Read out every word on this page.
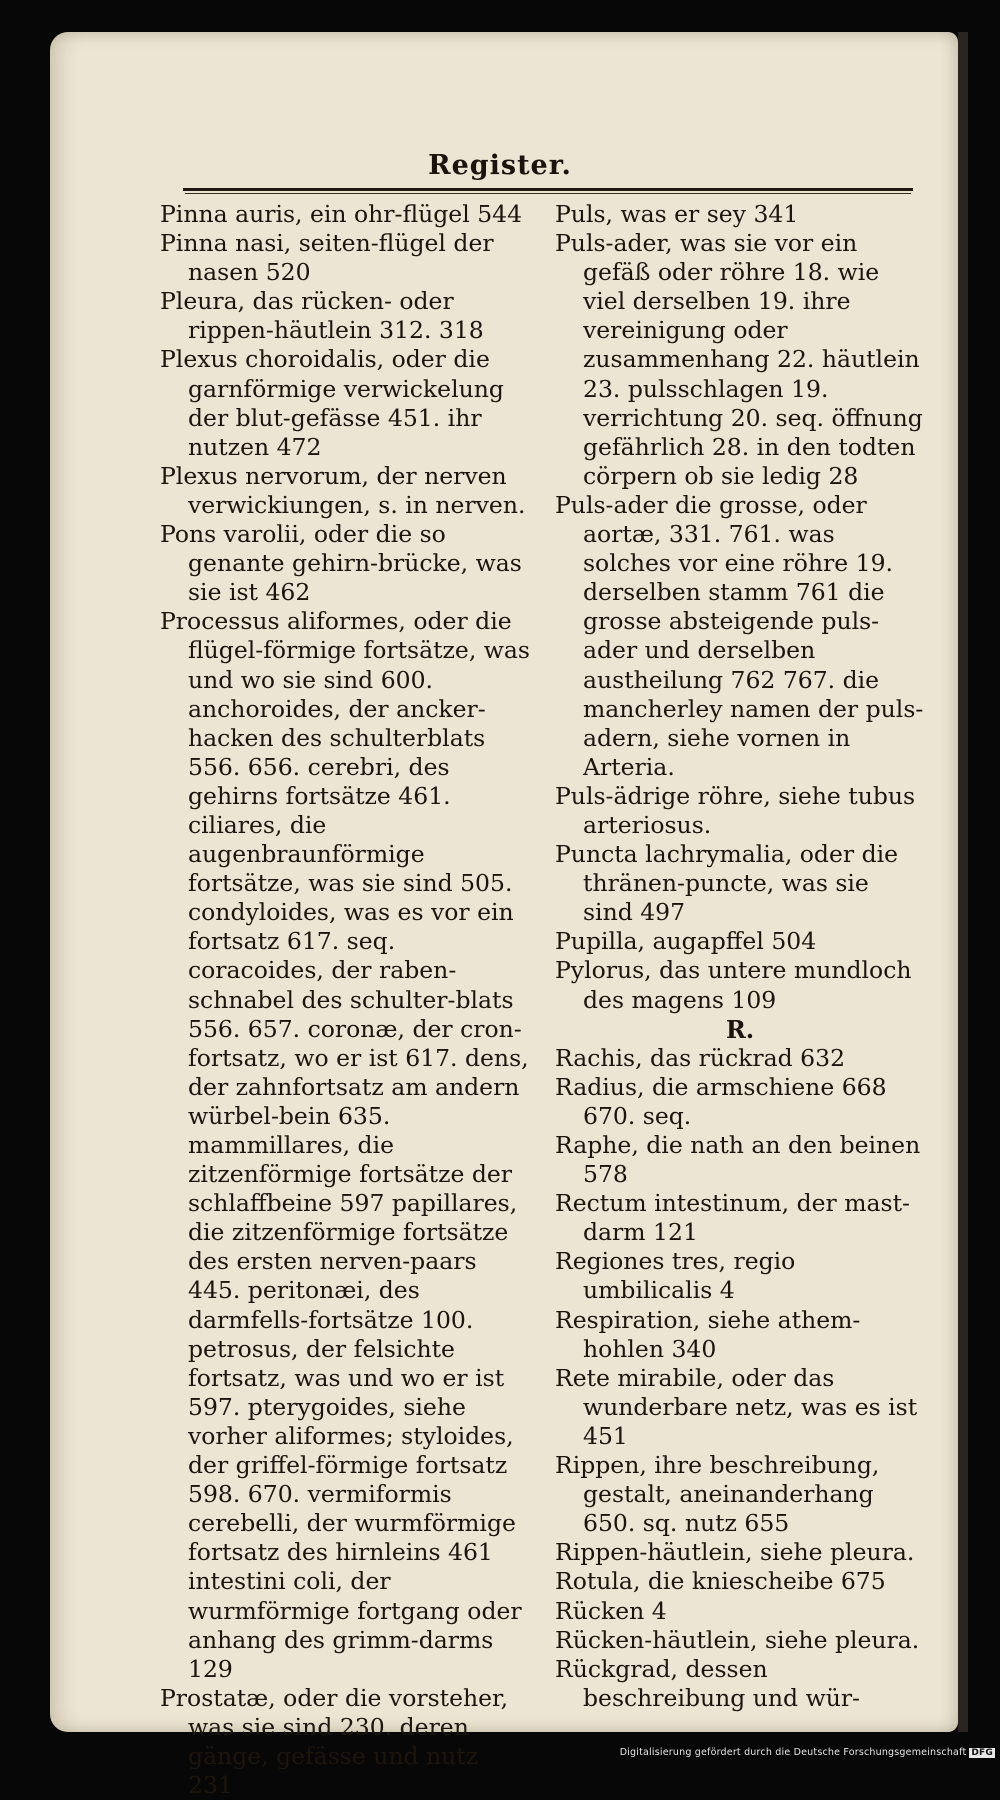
Register.

Pinna auris, ein ohr-flügel 544

Pinna nasi, seiten-flügel der nasen 520

Pleura, das rücken- oder rippen-häutlein 312. 318

Plexus choroidalis, oder die garnförmige verwickelung der blut-gefässe 451. ihr nutzen 472

Plexus nervorum, der nerven verwickiungen, s. in nerven.

Pons varolii, oder die so genante gehirn-brücke, was sie ist 462

Processus aliformes, oder die flügel-förmige fortsätze, was und wo sie sind 600. anchoroides, der ancker-hacken des schulterblats 556. 656. cerebri, des gehirns fortsätze 461. ciliares, die augenbraunförmige fortsätze, was sie sind 505. condyloides, was es vor ein fortsatz 617. seq. coracoides, der raben-schnabel des schulter-blats 556. 657. coronæ, der cron-fortsatz, wo er ist 617. dens, der zahnfortsatz am andern würbel-bein 635. mammillares, die zitzenförmige fortsätze der schlaffbeine 597 papillares, die zitzenförmige fortsätze des ersten nerven-paars 445. peritonæi, des darmfells-fortsätze 100. petrosus, der felsichte fortsatz, was und wo er ist 597. pterygoides, siehe vorher aliformes; styloides, der griffel-förmige fortsatz 598. 670. vermiformis cerebelli, der wurmförmige fortsatz des hirnleins 461 intestini coli, der wurmförmige fortgang oder anhang des grimm-darms 129

Prostatæ, oder die vorsteher, was sie sind 230. deren gänge, gefässe und nutz 231

Puls, was er sey 341

Puls-ader, was sie vor ein gefäß oder röhre 18. wie viel derselben 19. ihre vereinigung oder zusammenhang 22. häutlein 23. pulsschlagen 19. verrichtung 20. seq. öffnung gefährlich 28. in den todten cörpern ob sie ledig 28

Puls-ader die grosse, oder aortæ, 331. 761. was solches vor eine röhre 19. derselben stamm 761 die grosse absteigende puls-ader und derselben austheilung 762 767. die mancherley namen der puls-adern, siehe vornen in Arteria.

Puls-ädrige röhre, siehe tubus arteriosus.

Puncta lachrymalia, oder die thränen-puncte, was sie sind 497

Pupilla, augapffel 504

Pylorus, das untere mundloch des magens 109

R.

Rachis, das rückrad 632

Radius, die armschiene 668 670. seq.

Raphe, die nath an den beinen 578

Rectum intestinum, der mast-darm 121

Regiones tres, regio umbilicalis 4

Respiration, siehe athem-hohlen 340

Rete mirabile, oder das wunderbare netz, was es ist 451

Rippen, ihre beschreibung, gestalt, aneinanderhang 650. sq. nutz 655

Rippen-häutlein, siehe pleura.

Rotula, die kniescheibe 675

Rücken 4

Rücken-häutlein, siehe pleura.

Rückgrad, dessen beschreibung und wür-

Digitalisierung gefördert durch die Deutsche Forschungsgemeinschaft DFG
